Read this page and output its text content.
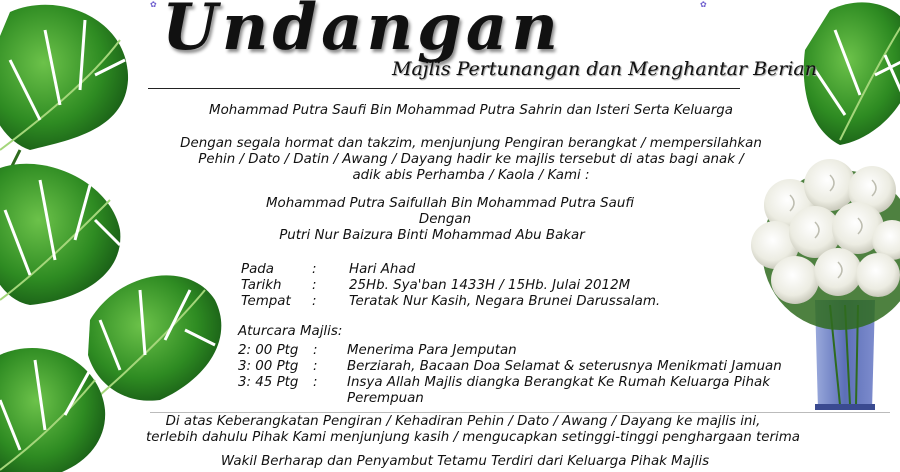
✿	✿
Undangan
Majlis Pertunangan dan Menghantar Berian
Mohammad Putra Saufi Bin Mohammad Putra Sahrin dan Isteri Serta Keluarga
Dengan segala hormat dan takzim, menjunjung Pengiran berangkat / mempersilahkan
Pehin / Dato / Datin / Awang / Dayang hadir ke majlis tersebut di atas bagi anak /
adik abis Perhamba / Kaola / Kami :
Mohammad Putra Saifullah Bin Mohammad Putra Saufi
Dengan
Putri Nur Baizura Binti Mohammad Abu Bakar
Pada	: Hari Ahad
Tarikh : 25Hb. Sya'ban 1433H / 15Hb. Julai 2012M
Tempat : Teratak Nur Kasih, Negara Brunei Darussalam.
Aturcara Majlis:
2: 00 Ptg : Menerima Para Jemputan
3: 00 Ptg : Berziarah, Bacaan Doa Selamat & seterusnya Menikmati Jamuan
3: 45 Ptg : Insya Allah Majlis diangka Berangkat Ke Rumah Keluarga Pihak
Perempuan
Di atas Keberangkatan Pengiran / Kehadiran Pehin / Dato / Awang / Dayang ke majlis ini,
terlebih dahulu Pihak Kami menjunjung kasih / mengucapkan setinggi-tinggi penghargaan terima
Wakil Berharap dan Penyambut Tetamu Terdiri dari Keluarga Pihak Majlis
